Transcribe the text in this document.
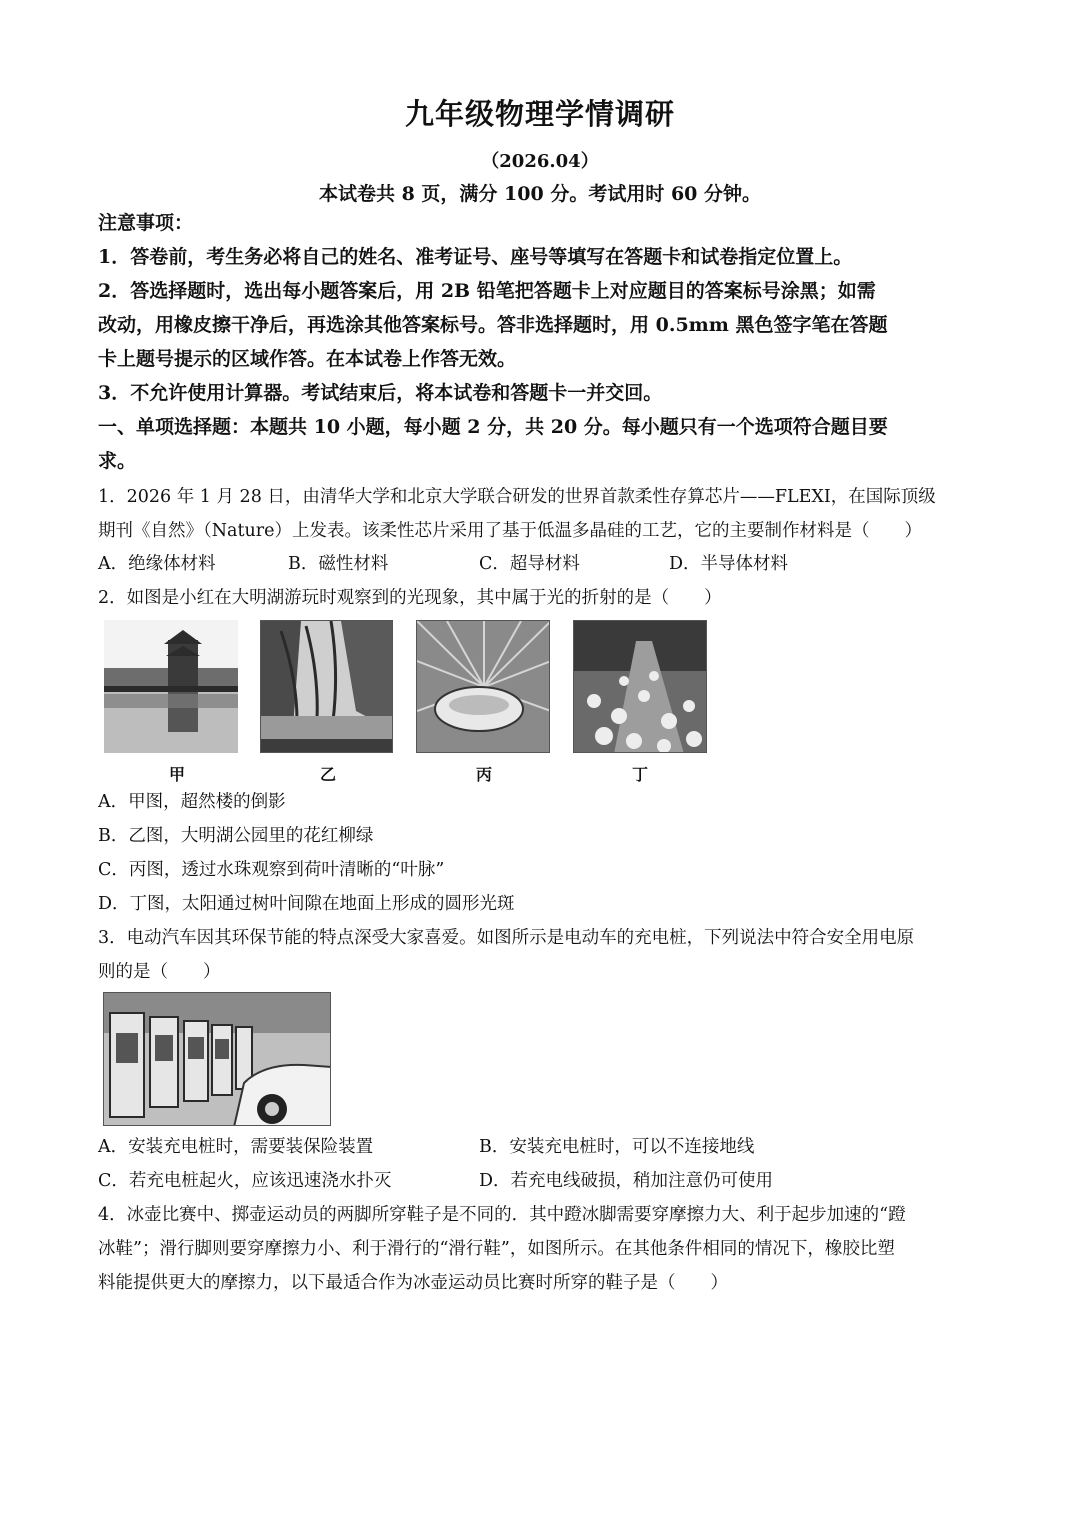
九年级物理学情调研
（2026.04）
本试卷共 8 页，满分 100 分。考试用时 60 分钟。
注意事项：
1．答卷前，考生务必将自己的姓名、准考证号、座号等填写在答题卡和试卷指定位置上。
2．答选择题时，选出每小题答案后，用 2B 铅笔把答题卡上对应题目的答案标号涂黑；如需
改动，用橡皮擦干净后，再选涂其他答案标号。答非选择题时，用 0.5mm 黑色签字笔在答题
卡上题号提示的区域作答。在本试卷上作答无效。
3．不允许使用计算器。考试结束后，将本试卷和答题卡一并交回。
一、单项选择题：本题共 10 小题，每小题 2 分，共 20 分。每小题只有一个选项符合题目要
求。
1．2026 年 1 月 28 日，由清华大学和北京大学联合研发的世界首款柔性存算芯片——FLEXI，在国际顶级
期刊《自然》（Nature）上发表。该柔性芯片采用了基于低温多晶硅的工艺，它的主要制作材料是（　　）
A．绝缘体材料	B．磁性材料	C．超导材料	D．半导体材料
2．如图是小红在大明湖游玩时观察到的光现象，其中属于光的折射的是（　　）
甲	乙	丙	丁
A．甲图，超然楼的倒影
B．乙图，大明湖公园里的花红柳绿
C．丙图，透过水珠观察到荷叶清晰的“叶脉”
D．丁图，太阳通过树叶间隙在地面上形成的圆形光斑
3．电动汽车因其环保节能的特点深受大家喜爱。如图所示是电动车的充电桩，下列说法中符合安全用电原
则的是（　　）
A．安装充电桩时，需要装保险装置	B．安装充电桩时，可以不连接地线
C．若充电桩起火，应该迅速浇水扑灭	D．若充电线破损，稍加注意仍可使用
4．冰壶比赛中、掷壶运动员的两脚所穿鞋子是不同的．其中蹬冰脚需要穿摩擦力大、利于起步加速的“蹬
冰鞋”；滑行脚则要穿摩擦力小、利于滑行的“滑行鞋”，如图所示。在其他条件相同的情况下，橡胶比塑
料能提供更大的摩擦力，以下最适合作为冰壶运动员比赛时所穿的鞋子是（　　）
